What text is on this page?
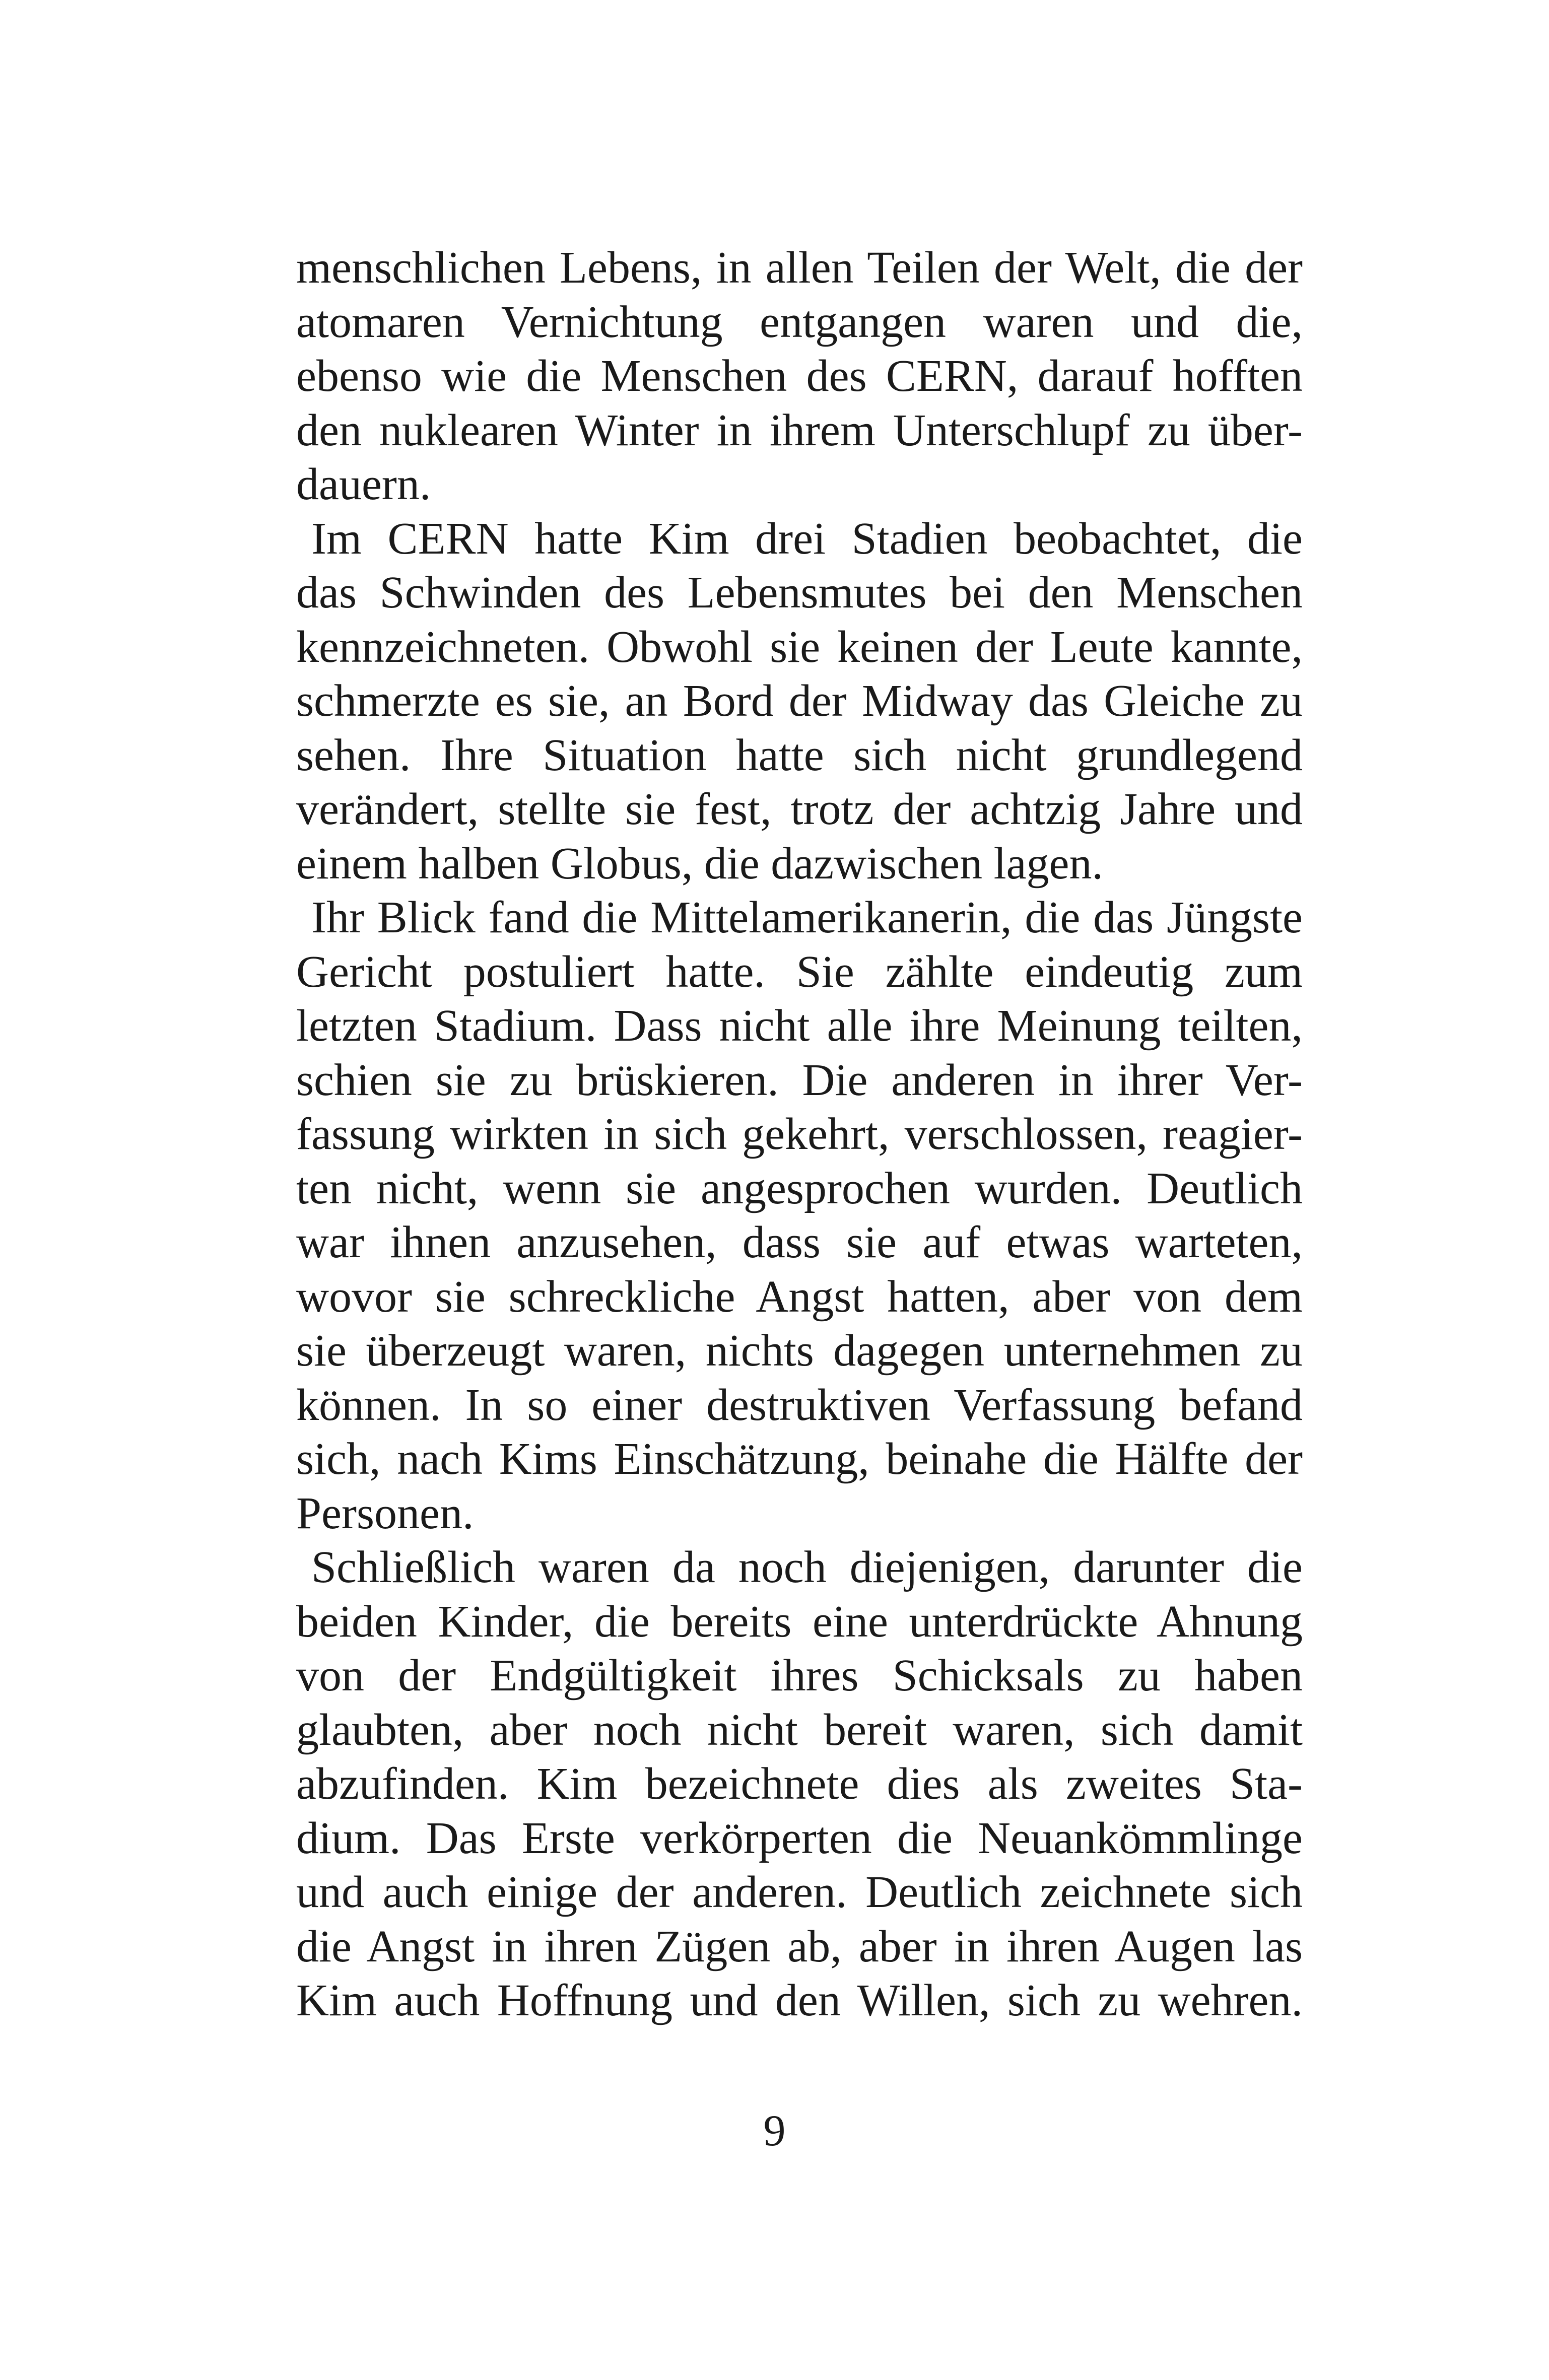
menschlichen Lebens, in allen Teilen der Welt, die der
atomaren Vernichtung entgangen waren und die,
ebenso wie die Menschen des CERN, darauf hofften
den nuklearen Winter in ihrem Unterschlupf zu über-
dauern.
Im CERN hatte Kim drei Stadien beobachtet, die
das Schwinden des Lebensmutes bei den Menschen
kennzeichneten. Obwohl sie keinen der Leute kannte,
schmerzte es sie, an Bord der Midway das Gleiche zu
sehen. Ihre Situation hatte sich nicht grundlegend
verändert, stellte sie fest, trotz der achtzig Jahre und
einem halben Globus, die dazwischen lagen.
Ihr Blick fand die Mittelamerikanerin, die das Jüngste
Gericht postuliert hatte. Sie zählte eindeutig zum
letzten Stadium. Dass nicht alle ihre Meinung teilten,
schien sie zu brüskieren. Die anderen in ihrer Ver-
fassung wirkten in sich gekehrt, verschlossen, reagier-
ten nicht, wenn sie angesprochen wurden. Deutlich
war ihnen anzusehen, dass sie auf etwas warteten,
wovor sie schreckliche Angst hatten, aber von dem
sie überzeugt waren, nichts dagegen unternehmen zu
können. In so einer destruktiven Verfassung befand
sich, nach Kims Einschätzung, beinahe die Hälfte der
Personen.
Schließlich waren da noch diejenigen, darunter die
beiden Kinder, die bereits eine unterdrückte Ahnung
von der Endgültigkeit ihres Schicksals zu haben
glaubten, aber noch nicht bereit waren, sich damit
abzufinden. Kim bezeichnete dies als zweites Sta-
dium. Das Erste verkörperten die Neuankömmlinge
und auch einige der anderen. Deutlich zeichnete sich
die Angst in ihren Zügen ab, aber in ihren Augen las
Kim auch Hoffnung und den Willen, sich zu wehren.
9
